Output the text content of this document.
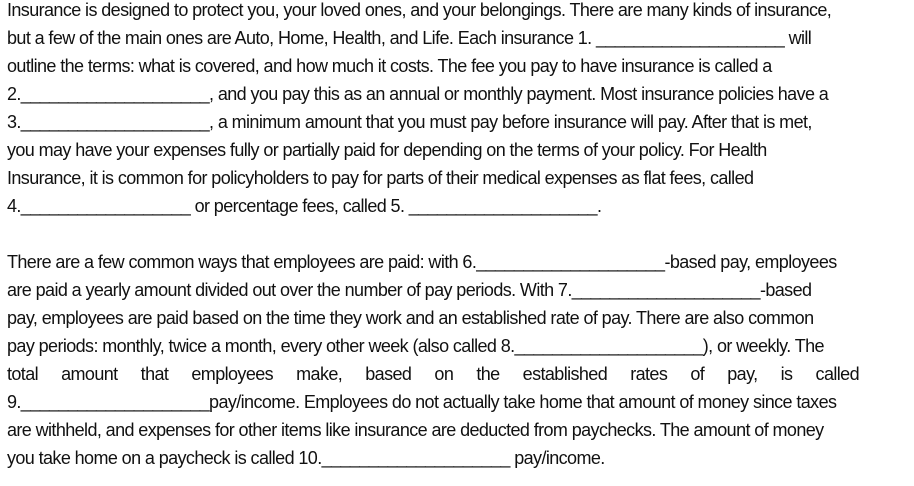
Insurance is designed to protect you, your loved ones, and your belongings. There are many kinds of insurance,
but a few of the main ones are Auto, Home, Health, and Life. Each insurance 1. ____________________ will
outline the terms: what is covered, and how much it costs. The fee you pay to have insurance is called a
2.____________________, and you pay this as an annual or monthly payment. Most insurance policies have a
3.____________________, a minimum amount that you must pay before insurance will pay. After that is met,
you may have your expenses fully or partially paid for depending on the terms of your policy. For Health
Insurance, it is common for policyholders to pay for parts of their medical expenses as flat fees, called
4.__________________ or percentage fees, called 5. ____________________.
There are a few common ways that employees are paid: with 6.____________________-based pay, employees
are paid a yearly amount divided out over the number of pay periods. With 7.____________________-based
pay, employees are paid based on the time they work and an established rate of pay. There are also common
pay periods: monthly, twice a month, every other week (also called 8.____________________), or weekly. The
total amount that employees make, based on the established rates of pay, is called
9.____________________pay/income. Employees do not actually take home that amount of money since taxes
are withheld, and expenses for other items like insurance are deducted from paychecks. The amount of money
you take home on a paycheck is called 10.____________________ pay/income.
